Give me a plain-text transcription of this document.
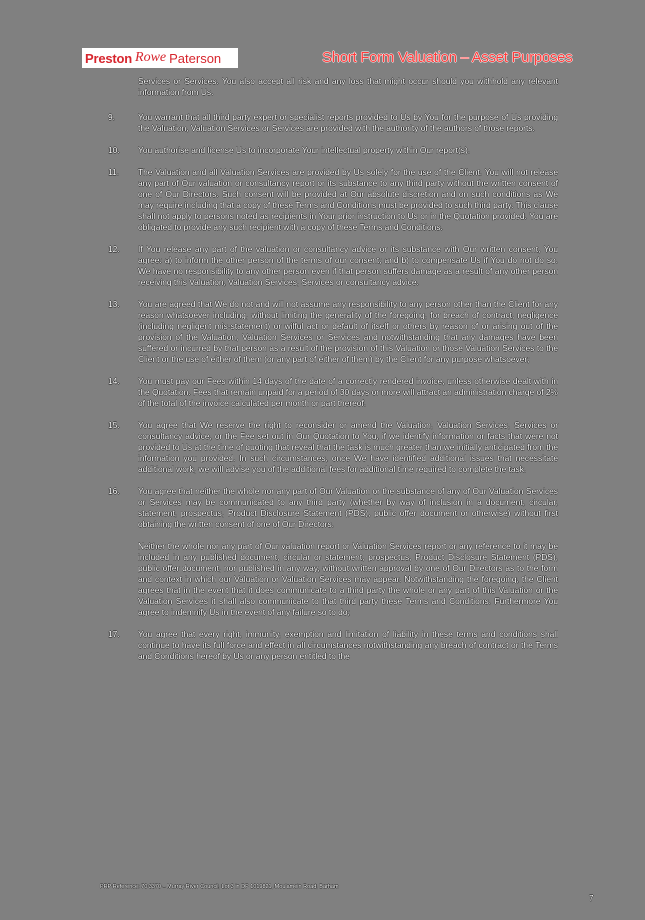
Preston Rowe Paterson	Short Form Valuation – Asset Purposes
Services or Services. You also accept all risk and any loss that might occur should you withhold any relevant information from Us.
9.	You warrant that all third party expert or specialist reports provided to Us by You for the purpose of Us providing the Valuation, Valuation Services or Services are provided with the authority of the authors of those reports.
10.	You authorise and license Us to incorporate Your intellectual property within Our report(s).
11.	The Valuation and all Valuation Services are provided by Us solely for the use of the Client. You will not release any part of Our valuation or consultancy report or its substance to any third party without the written consent of one of Our Directors. Such consent will be provided at Our absolute discretion and on such conditions as We may require including that a copy of these Terms and Conditions must be provided to such third party. This clause shall not apply to persons noted as recipients in Your prior instruction to Us or in the Quotation provided. You are obligated to provide any such recipient with a copy of these Terms and Conditions.
12.	If You release any part of the valuation or consultancy advice or its substance with Our written consent, You agree: a) to inform the other person of the terms of our consent; and b) to compensate Us if You do not do so. We have no responsibility to any other person even if that person suffers damage as a result of any other person receiving this Valuation, Valuation Services, Services or consultancy advice.
13.	You are agreed that We do not and will not assume any responsibility to any person other than the Client for any reason whatsoever including, without limiting the generality of the foregoing, for breach of contract, negligence (including negligent mis-statement) or wilful act or default of itself or others by reason of or arising out of the provision of the Valuation, Valuation Services or Services and notwithstanding that any damages have been suffered or incurred by that person as a result of the provision of this Valuation or those Valuation Services to the Client or the use of either of them (or any part of either of them) by the Client for any purpose whatsoever;
14.	You must pay our Fees within 14 days of the date of a correctly rendered invoice, unless otherwise dealt with in the Quotation. Fees that remain unpaid for a period of 30 days or more will attract an administration charge of 2% of the total of the invoice calculated per month or part thereof.
15.	You agree that We reserve the right to reconsider or amend the Valuation, Valuation Services, Services or consultancy advice, or the Fee set out in Our Quotation to You, if we identify information or facts that were not provided to Us at the time of quoting that reveal that the task is much greater than we initially anticipated from the information you provided. In such circumstances, once We have identified additional issues that necessitate additional work, we will advise you of the additional fees for additional time required to complete the task.
16.	You agree that neither the whole nor any part of Our Valuation or the substance of any of Our Valuation Services or Services may be communicated to any third party (whether by way of inclusion in a document, circular, statement, prospectus, Product Disclosure Statement (PDS), public offer document or otherwise) without first obtaining the written consent of one of Our Directors.
Neither the whole nor any part of Our valuation report or Valuation Services report or any reference to it may be included in any published document, circular or statement, prospectus, Product Disclosure Statement (PDS), public offer document, nor published in any way, without written approval by one of Our Directors as to the form and context in which our Valuation or Valuation Services may appear. Notwithstanding the foregoing, the Client agrees that in the event that it does communicate to a third party the whole or any part of this Valuation or the Valuation Services it shall also communicate to that third party these Terms and Conditions. Furthermore You agree to indemnify Us in the event of any failure so to do;
17.	You agree that every right, immunity, exemption and limitation of liability in these terms and conditions shall continue to have its full force and effect in all circumstances notwithstanding any breach of contract or the Terms and Conditions hereof by Us or any person entitled to the
PRP Reference: 70 3370 – Murray River Council, Lot 3 in DP 1019821, Moulamein Road, Barham
7
